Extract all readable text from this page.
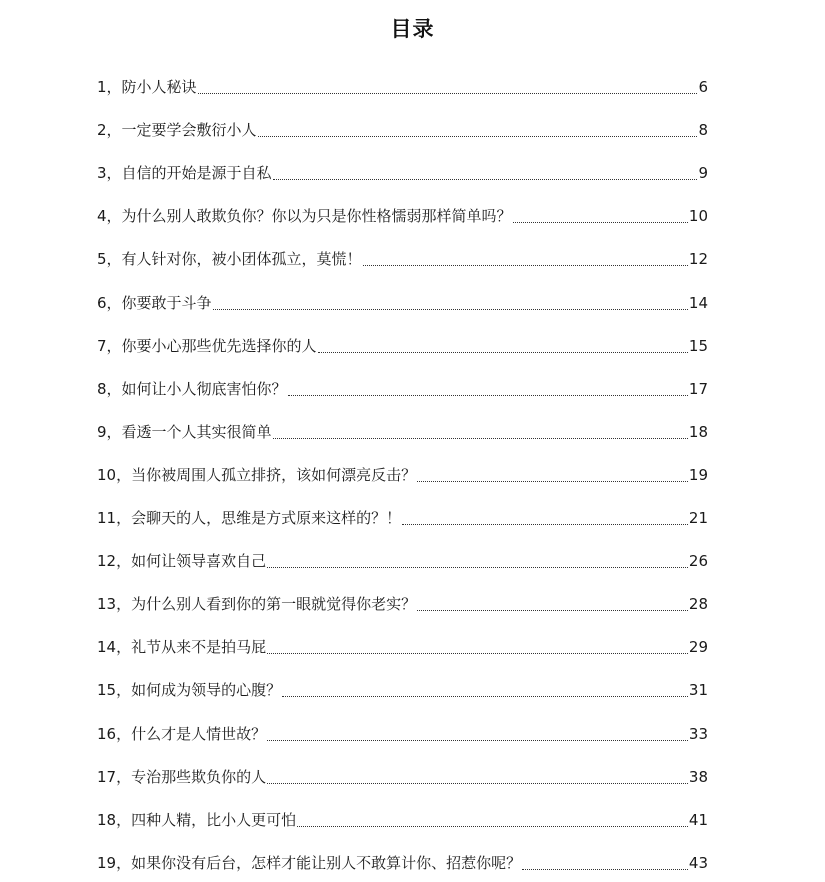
目录
1，防小人秘诀	6
2，一定要学会敷衍小人	8
3，自信的开始是源于自私	9
4，为什么别人敢欺负你？你以为只是你性格懦弱那样简单吗？	10
5，有人针对你，被小团体孤立，莫慌！	12
6，你要敢于斗争	14
7，你要小心那些优先选择你的人	15
8，如何让小人彻底害怕你？	17
9，看透一个人其实很简单	18
10，当你被周围人孤立排挤，该如何漂亮反击？	19
11，会聊天的人，思维是方式原来这样的？！	21
12，如何让领导喜欢自己	26
13，为什么别人看到你的第一眼就觉得你老实？	28
14，礼节从来不是拍马屁	29
15，如何成为领导的心腹？	31
16，什么才是人情世故？	33
17，专治那些欺负你的人	38
18，四种人精，比小人更可怕	41
19，如果你没有后台，怎样才能让别人不敢算计你、招惹你呢？	43
